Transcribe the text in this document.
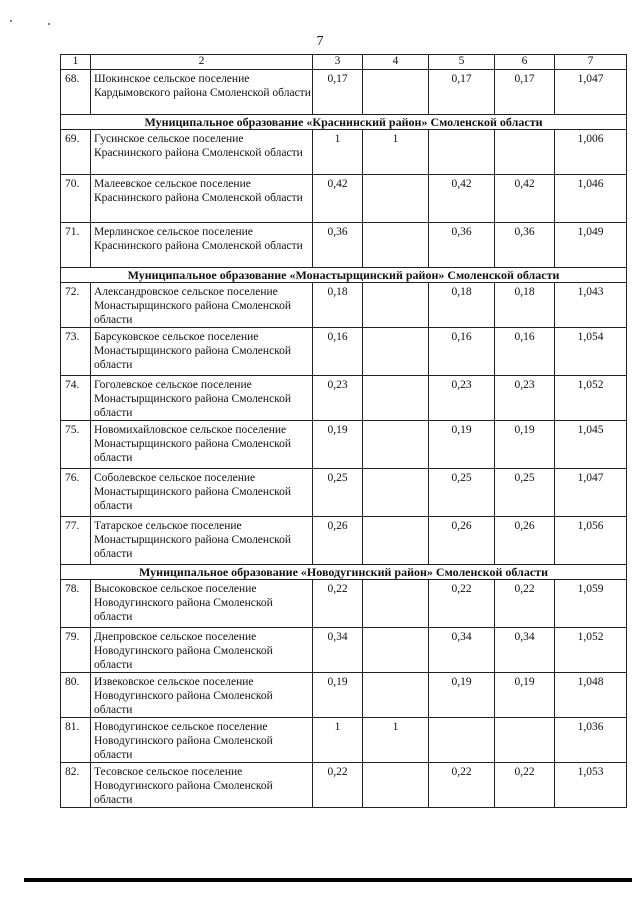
7
1	2	3	4	5	6	7
68.	Шокинское сельское поселение Кардымовского района Смоленской области	0,17		0,17	0,17	1,047
Муниципальное образование «Краснинский район» Смоленской области						
69.	Гусинское сельское поселение Краснинского района Смоленской области	1	1			1,006
70.	Малеевское сельское поселение Краснинского района Смоленской области	0,42		0,42	0,42	1,046
71.	Мерлинское сельское поселение Краснинского района Смоленской области	0,36		0,36	0,36	1,049
Муниципальное образование «Монастырщинский район» Смоленской области						
72.	Александровское сельское поселение Монастырщинского района Смоленской области	0,18		0,18	0,18	1,043
73.	Барсуковское сельское поселение Монастырщинского района Смоленской области	0,16		0,16	0,16	1,054
74.	Гоголевское сельское поселение Монастырщинского района Смоленской области	0,23		0,23	0,23	1,052
75.	Новомихайловское сельское поселение Монастырщинского района Смоленской области	0,19		0,19	0,19	1,045
76.	Соболевское сельское поселение Монастырщинского района Смоленской области	0,25		0,25	0,25	1,047
77.	Татарское сельское поселение Монастырщинского района Смоленской области	0,26		0,26	0,26	1,056
Муниципальное образование «Новодугинский район» Смоленской области						
78.	Высоковское сельское поселение Новодугинского района Смоленской области	0,22		0,22	0,22	1,059
79.	Днепровское сельское поселение Новодугинского района Смоленской области	0,34		0,34	0,34	1,052
80.	Извековское сельское поселение Новодугинского района Смоленской области	0,19		0,19	0,19	1,048
81.	Новодугинское сельское поселение Новодугинского района Смоленской области	1	1			1,036
82.	Тесовское сельское поселение Новодугинского района Смоленской области	0,22		0,22	0,22	1,053
